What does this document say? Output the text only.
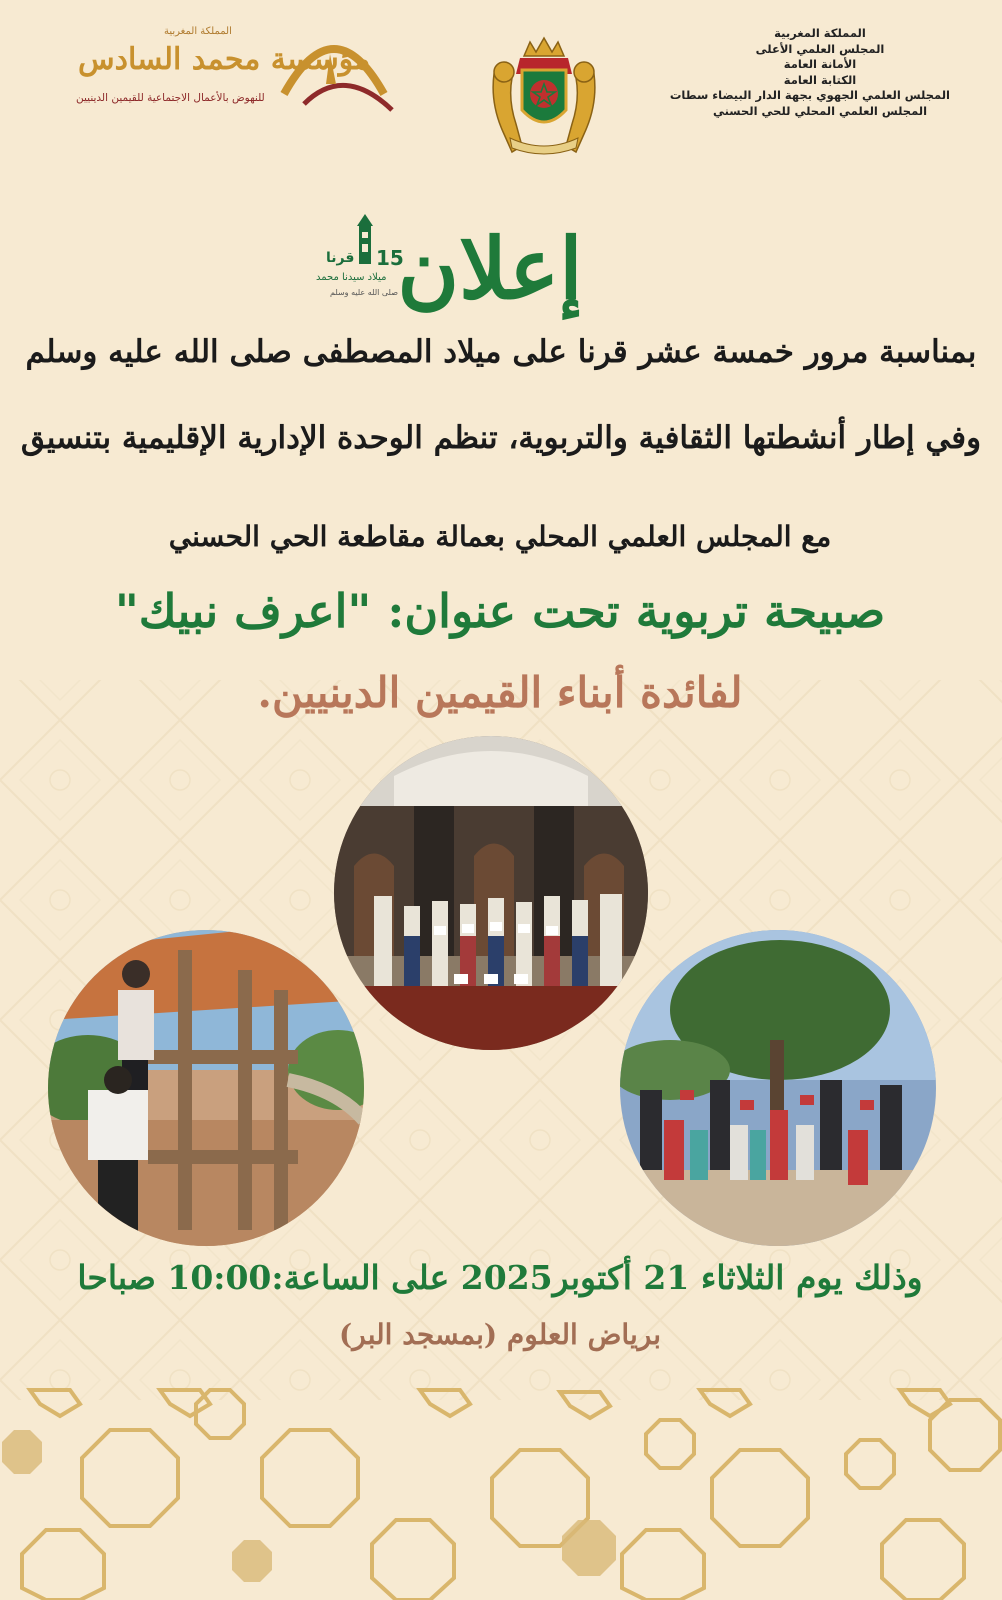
المملكة المغربية
مؤسسة محمد السادس
للنهوض بالأعمال الاجتماعية للقيمين الدينيين
المملكة المغربية
المجلس العلمي الأعلى
الأمانة العامة
الكتابة العامة
المجلس العلمي الجهوي بجهة الدار البيضاء سطات
المجلس العلمي المحلي للحي الحسني
15
قرنا
ميلاد سيدنا محمد
صلى الله عليه وسلم إعلان
بمناسبة مرور خمسة عشر قرنا على ميلاد المصطفى صلى الله عليه وسلم
وفي إطار أنشطتها الثقافية والتربوية، تنظم الوحدة الإدارية الإقليمية بتنسيق
مع المجلس العلمي المحلي بعمالة مقاطعة الحي الحسني
صبيحة تربوية تحت عنوان: "اعرف نبيك"
لفائدة أبناء القيمين الدينيين.
وذلك يوم الثلاثاء 21 أكتوبر2025 على الساعة:10:00 صباحا
برياض العلوم (بمسجد البر)
